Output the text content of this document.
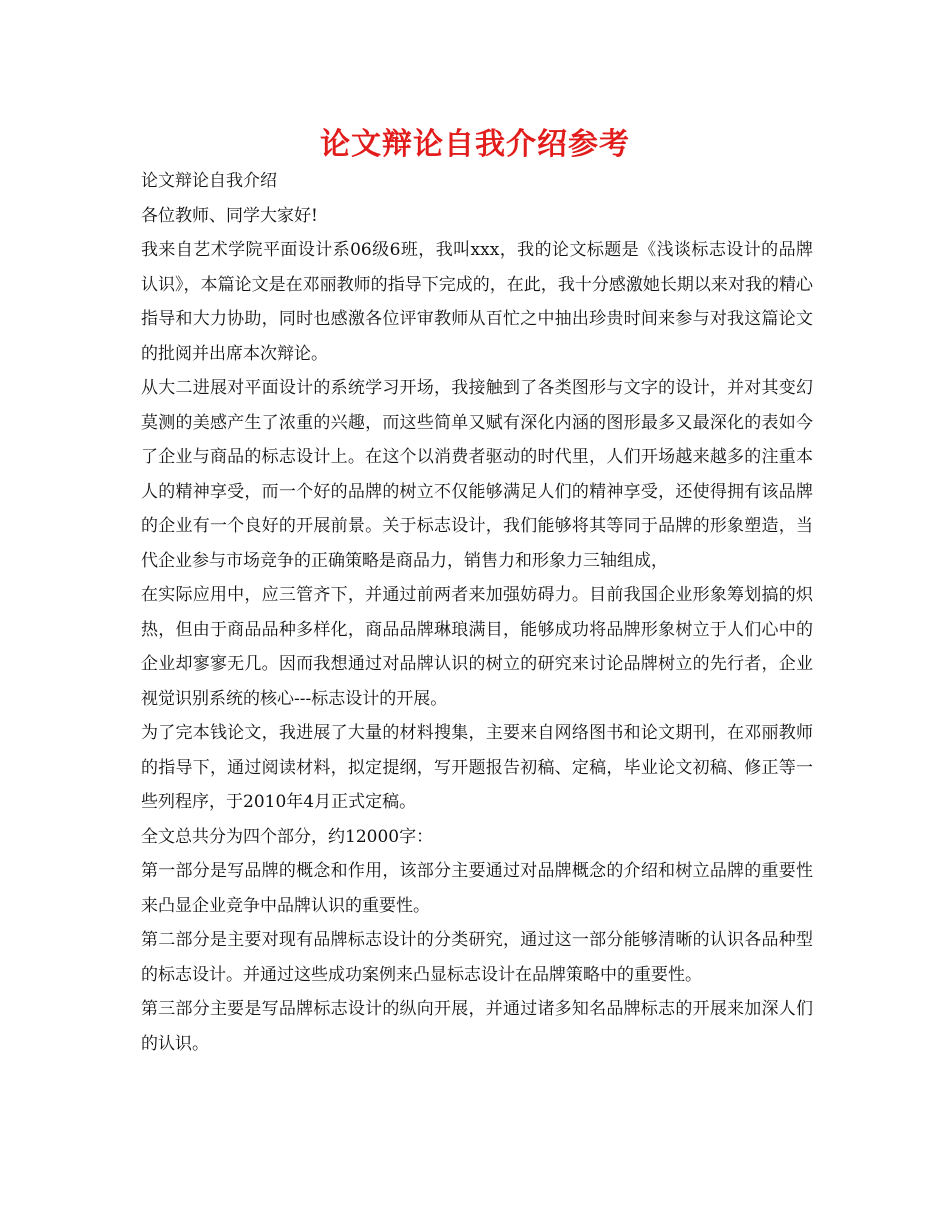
论文辩论自我介绍参考

论文辩论自我介绍

各位教师、同学大家好!

我来自艺术学院平面设计系06级6班，我叫xxx，我的论文标题是《浅谈标志设计的品牌认识》，本篇论文是在邓丽教师的指导下完成的，在此，我十分感激她长期以来对我的精心指导和大力协助，同时也感激各位评审教师从百忙之中抽出珍贵时间来参与对我这篇论文的批阅并出席本次辩论。

从大二进展对平面设计的系统学习开场，我接触到了各类图形与文字的设计，并对其变幻莫测的美感产生了浓重的兴趣，而这些简单又赋有深化内涵的图形最多又最深化的表如今了企业与商品的标志设计上。在这个以消费者驱动的时代里，人们开场越来越多的注重本人的精神享受，而一个好的品牌的树立不仅能够满足人们的精神享受，还使得拥有该品牌的企业有一个良好的开展前景。关于标志设计，我们能够将其等同于品牌的形象塑造，当代企业参与市场竞争的正确策略是商品力，销售力和形象力三轴组成，

在实际应用中，应三管齐下，并通过前两者来加强妨碍力。目前我国企业形象筹划搞的炽热，但由于商品品种多样化，商品品牌琳琅满目，能够成功将品牌形象树立于人们心中的企业却寥寥无几。因而我想通过对品牌认识的树立的研究来讨论品牌树立的先行者，企业视觉识别系统的核心---标志设计的开展。

为了完本钱论文，我进展了大量的材料搜集，主要来自网络图书和论文期刊，在邓丽教师的指导下，通过阅读材料，拟定提纲，写开题报告初稿、定稿，毕业论文初稿、修正等一些列程序，于2010年4月正式定稿。

全文总共分为四个部分，约12000字：

第一部分是写品牌的概念和作用，该部分主要通过对品牌概念的介绍和树立品牌的重要性来凸显企业竞争中品牌认识的重要性。

第二部分是主要对现有品牌标志设计的分类研究，通过这一部分能够清晰的认识各品种型的标志设计。并通过这些成功案例来凸显标志设计在品牌策略中的重要性。

第三部分主要是写品牌标志设计的纵向开展，并通过诸多知名品牌标志的开展来加深人们的认识。
